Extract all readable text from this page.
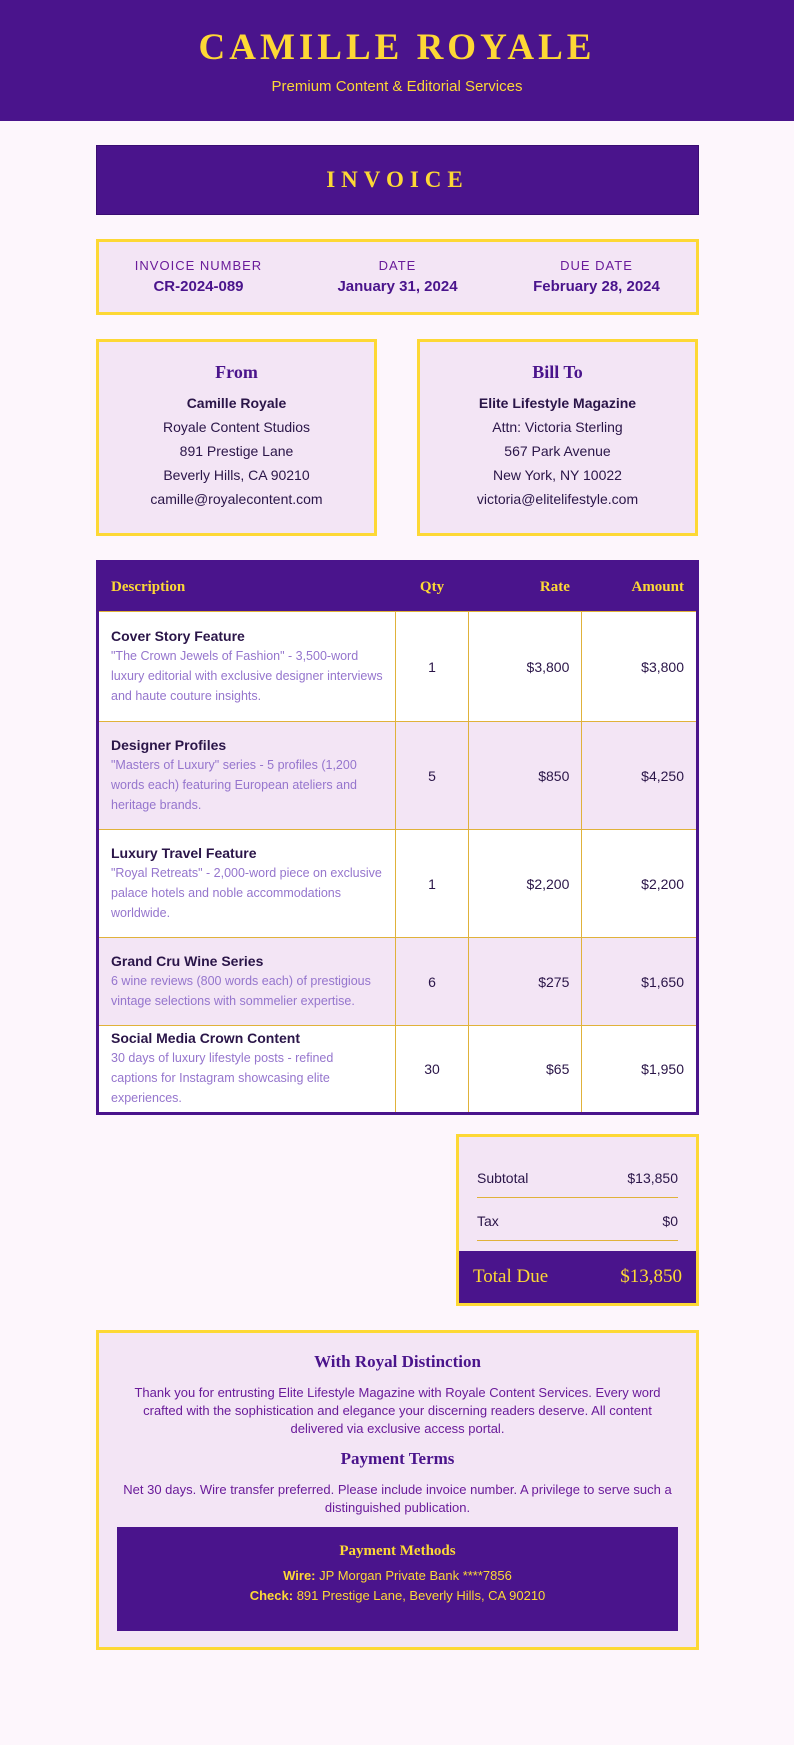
CAMILLE ROYALE
Premium Content & Editorial Services
INVOICE
INVOICE NUMBER
CR-2024-089
DATE
January 31, 2024
DUE DATE
February 28, 2024
From
Camille Royale
Royale Content Studios
891 Prestige Lane
Beverly Hills, CA 90210
camille@royalecontent.com
Bill To
Elite Lifestyle Magazine
Attn: Victoria Sterling
567 Park Avenue
New York, NY 10022
victoria@elitelifestyle.com
Description	Qty	Rate	Amount

Cover Story Feature
"The Crown Jewels of Fashion" - 3,500-word luxury editorial with exclusive designer interviews and haute couture insights.	1	$3,800	$3,800

Designer Profiles
"Masters of Luxury" series - 5 profiles (1,200 words each) featuring European ateliers and heritage brands.	5	$850	$4,250

Luxury Travel Feature
"Royal Retreats" - 2,000-word piece on exclusive palace hotels and noble accommodations worldwide.	1	$2,200	$2,200

Grand Cru Wine Series
6 wine reviews (800 words each) of prestigious vintage selections with sommelier expertise.	6	$275	$1,650

Social Media Crown Content
30 days of luxury lifestyle posts - refined captions for Instagram showcasing elite experiences.	30	$65	$1,950
Subtotal	$13,850
Tax	$0
Total Due	$13,850
With Royal Distinction

Thank you for entrusting Elite Lifestyle Magazine with Royale Content Services. Every word crafted with the sophistication and elegance your discerning readers deserve. All content delivered via exclusive access portal.

Payment Terms

Net 30 days. Wire transfer preferred. Please include invoice number. A privilege to serve such a distinguished publication.

Payment Methods
Wire: JP Morgan Private Bank ****7856
Check: 891 Prestige Lane, Beverly Hills, CA 90210
